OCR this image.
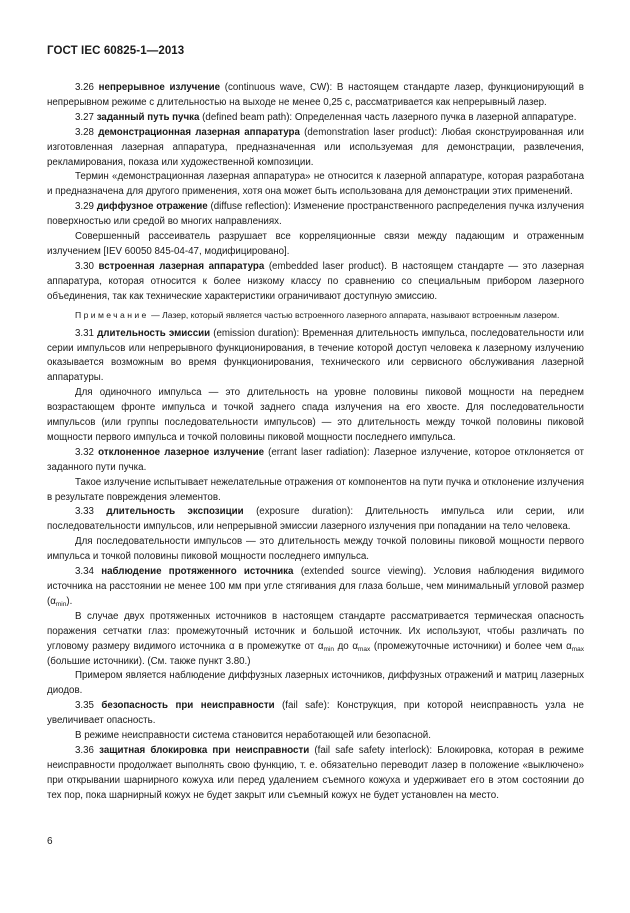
ГОСТ IEC 60825-1—2013

3.26 непрерывное излучение (continuous wave, CW): В настоящем стандарте лазер, функционирующий в непрерывном режиме с длительностью на выходе не менее 0,25 с, рассматривается как непрерывный лазер.

3.27 заданный путь пучка (defined beam path): Определенная часть лазерного пучка в лазерной аппаратуре.

3.28 демонстрационная лазерная аппаратура (demonstration laser product): Любая сконструированная или изготовленная лазерная аппаратура, предназначенная или используемая для демонстрации, развлечения, рекламирования, показа или художественной композиции.

Термин «демонстрационная лазерная аппаратура» не относится к лазерной аппаратуре, которая разработана и предназначена для другого применения, хотя она может быть использована для демонстрации этих применений.

3.29 диффузное отражение (diffuse reflection): Изменение пространственного распределения пучка излучения поверхностью или средой во многих направлениях.

Совершенный рассеиватель разрушает все корреляционные связи между падающим и отраженным излучением [IEV 60050 845-04-47, модифицировано].

3.30 встроенная лазерная аппаратура (embedded laser product). В настоящем стандарте — это лазерная аппаратура, которая относится к более низкому классу по сравнению со специальным прибором лазерного объединения, так как технические характеристики ограничивают доступную эмиссию.

Примечание — Лазер, который является частью встроенного лазерного аппарата, называют встроенным лазером.

3.31 длительность эмиссии (emission duration): Временная длительность импульса, последовательности или серии импульсов или непрерывного функционирования, в течение которой доступ человека к лазерному излучению оказывается возможным во время функционирования, технического или сервисного обслуживания лазерной аппаратуры.

Для одиночного импульса — это длительность на уровне половины пиковой мощности на переднем возрастающем фронте импульса и точкой заднего спада излучения на его хвосте. Для последовательности импульсов (или группы последовательности импульсов) — это длительность между точкой половины пиковой мощности первого импульса и точкой половины пиковой мощности последнего импульса.

3.32 отклоненное лазерное излучение (errant laser radiation): Лазерное излучение, которое отклоняется от заданного пути пучка.

Такое излучение испытывает нежелательные отражения от компонентов на пути пучка и отклонение излучения в результате повреждения элементов.

3.33 длительность экспозиции (exposure duration): Длительность импульса или серии, или последовательности импульсов, или непрерывной эмиссии лазерного излучения при попадании на тело человека.

Для последовательности импульсов — это длительность между точкой половины пиковой мощности первого импульса и точкой половины пиковой мощности последнего импульса.

3.34 наблюдение протяженного источника (extended source viewing). Условия наблюдения видимого источника на расстоянии не менее 100 мм при угле стягивания для глаза больше, чем минимальный угловой размер $(\alpha_{min})$.

В случае двух протяженных источников в настоящем стандарте рассматривается термическая опасность поражения сетчатки глаз: промежуточный источник и большой источник. Их используют, чтобы различать по угловому размеру видимого источника α в промежутке от $\alpha_{min}$ до $\alpha_{max}$ (промежуточные источники) и более чем $\alpha_{max}$ (большие источники). (См. также пункт 3.80.)

Примером является наблюдение диффузных лазерных источников, диффузных отражений и матриц лазерных диодов.

3.35 безопасность при неисправности (fail safe): Конструкция, при которой неисправность узла не увеличивает опасность.

В режиме неисправности система становится неработающей или безопасной.

3.36 защитная блокировка при неисправности (fail safe safety interlock): Блокировка, которая в режиме неисправности продолжает выполнять свою функцию, т. е. обязательно переводит лазер в положение «выключено» при открывании шарнирного кожуха или перед удалением съемного кожуха и удерживает его в этом состоянии до тех пор, пока шарнирный кожух не будет закрыт или съемный кожух не будет установлен на место.

6
